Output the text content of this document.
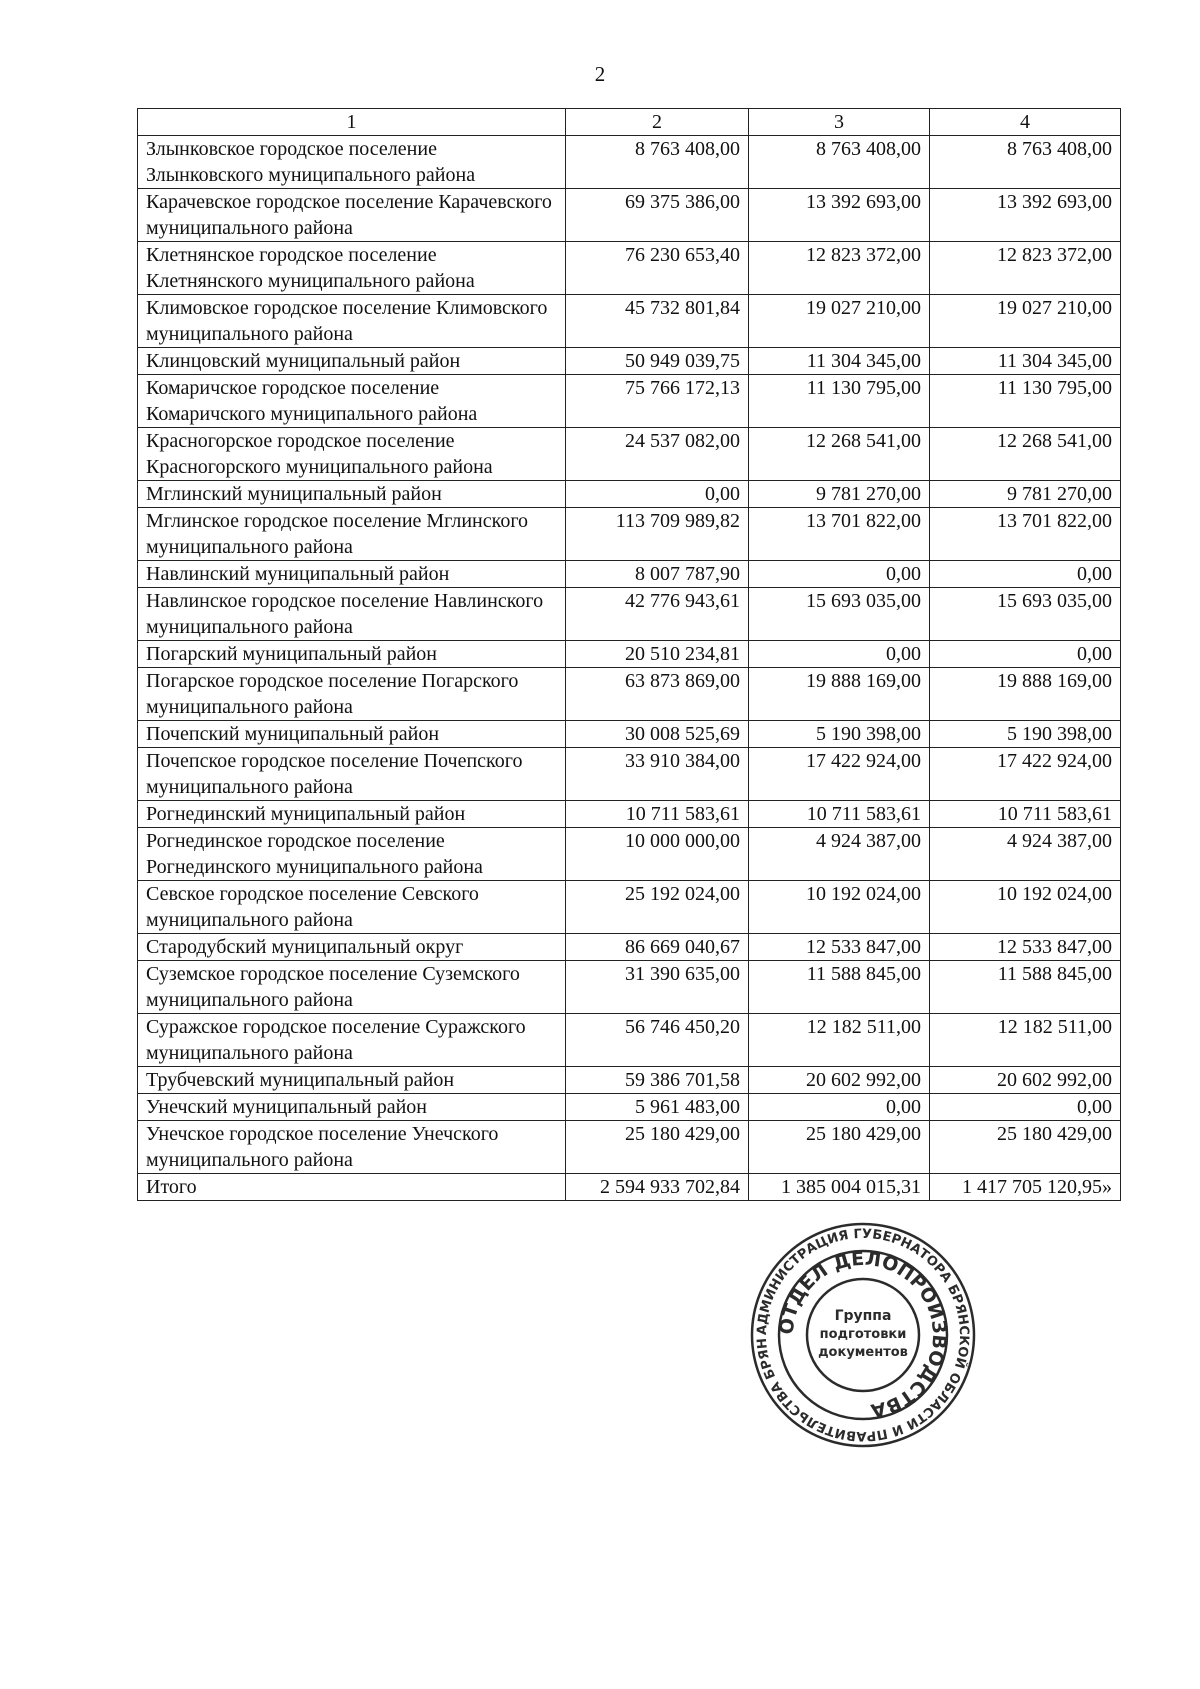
2
1	2	3	4
Злынковское городское поселение Злынковского муниципального района	8 763 408,00	8 763 408,00	8 763 408,00
Карачевское городское поселение Карачевского муниципального района	69 375 386,00	13 392 693,00	13 392 693,00
Клетнянское городское поселение Клетнянского муниципального района	76 230 653,40	12 823 372,00	12 823 372,00
Климовское городское поселение Климовского муниципального района	45 732 801,84	19 027 210,00	19 027 210,00
Клинцовский муниципальный район	50 949 039,75	11 304 345,00	11 304 345,00
Комаричское городское поселение Комаричского муниципального района	75 766 172,13	11 130 795,00	11 130 795,00
Красногорское городское поселение Красногорского муниципального района	24 537 082,00	12 268 541,00	12 268 541,00
Мглинский муниципальный район	0,00	9 781 270,00	9 781 270,00
Мглинское городское поселение Мглинского муниципального района	113 709 989,82	13 701 822,00	13 701 822,00
Навлинский муниципальный район	8 007 787,90	0,00	0,00
Навлинское городское поселение Навлинского муниципального района	42 776 943,61	15 693 035,00	15 693 035,00
Погарский муниципальный район	20 510 234,81	0,00	0,00
Погарское городское поселение Погарского муниципального района	63 873 869,00	19 888 169,00	19 888 169,00
Почепский муниципальный район	30 008 525,69	5 190 398,00	5 190 398,00
Почепское городское поселение Почепского муниципального района	33 910 384,00	17 422 924,00	17 422 924,00
Рогнединский муниципальный район	10 711 583,61	10 711 583,61	10 711 583,61
Рогнединское городское поселение Рогнединского муниципального района	10 000 000,00	4 924 387,00	4 924 387,00
Севское городское поселение Севского муниципального района	25 192 024,00	10 192 024,00	10 192 024,00
Стародубский муниципальный округ	86 669 040,67	12 533 847,00	12 533 847,00
Суземское городское поселение Суземского муниципального района	31 390 635,00	11 588 845,00	11 588 845,00
Суражское городское поселение Суражского муниципального района	56 746 450,20	12 182 511,00	12 182 511,00
Трубчевский муниципальный район	59 386 701,58	20 602 992,00	20 602 992,00
Унечский муниципальный район	5 961 483,00	0,00	0,00
Унечское городское поселение Унечского муниципального района	25 180 429,00	25 180 429,00	25 180 429,00
Итого	2 594 933 702,84	1 385 004 015,31	1 417 705 120,95»
АДМИНИСТРАЦИЯ ГУБЕРНАТОРА БРЯНСКОЙ ОБЛАСТИ И ПРАВИТЕЛЬСТВА БРЯН
ОТДЕЛ ДЕЛОПРОИЗВОДСТВА
Группа
подготовки
документов
